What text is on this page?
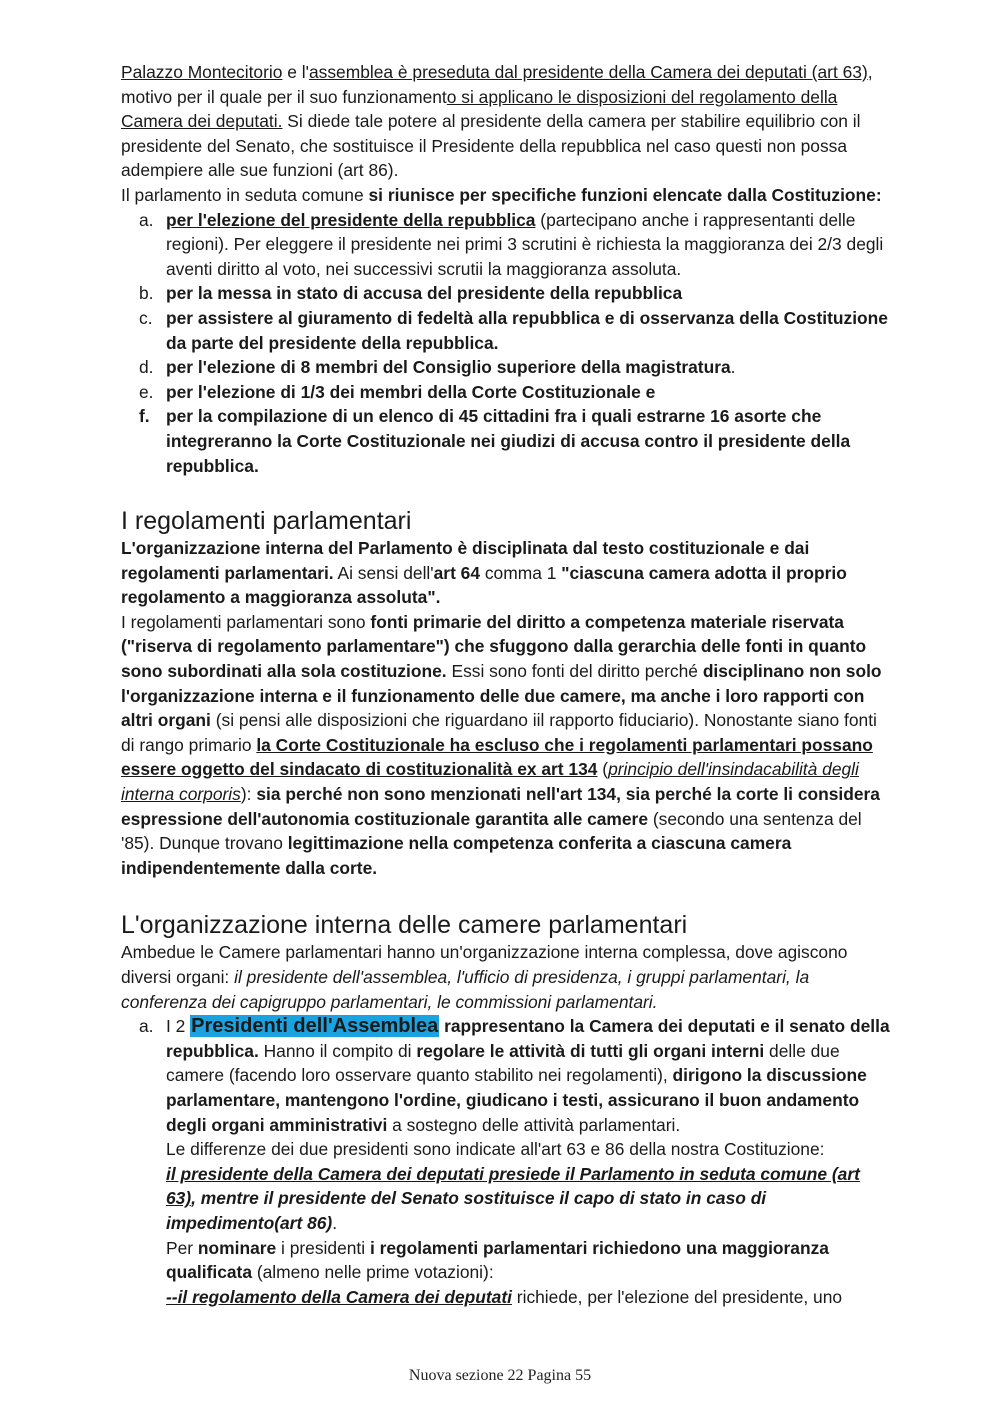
Palazzo Montecitorio e l'assemblea è preseduta dal presidente della Camera dei deputati (art 63), motivo per il quale per il suo funzionamento si applicano le disposizioni del regolamento della Camera dei deputati. Si diede tale potere al presidente della camera per stabilire equilibrio con il presidente del Senato, che sostituisce il Presidente della repubblica nel caso questi non possa adempiere alle sue funzioni (art 86).

Il parlamento in seduta comune si riunisce per specifiche funzioni elencate dalla Costituzione:

a. per l'elezione del presidente della repubblica (partecipano anche i rappresentanti delle regioni). Per eleggere il presidente nei primi 3 scrutini è richiesta la maggioranza dei 2/3 degli aventi diritto al voto, nei successivi scrutii la maggioranza assoluta.
b. per la messa in stato di accusa del presidente della repubblica
c. per assistere al giuramento di fedeltà alla repubblica e di osservanza della Costituzione da parte del presidente della repubblica.
d. per l'elezione di 8 membri del Consiglio superiore della magistratura.
e. per l'elezione di 1/3 dei membri della Corte Costituzionale e
f. per la compilazione di un elenco di 45 cittadini fra i quali estrarne 16 asorte che integreranno la Corte Costituzionale nei giudizi di accusa contro il presidente della repubblica.
I regolamenti parlamentari

L'organizzazione interna del Parlamento è disciplinata dal testo costituzionale e dai regolamenti parlamentari. Ai sensi dell'art 64 comma 1 "ciascuna camera adotta il proprio regolamento a maggioranza assoluta".

I regolamenti parlamentari sono fonti primarie del diritto a competenza materiale riservata ("riserva di regolamento parlamentare") che sfuggono dalla gerarchia delle fonti in quanto sono subordinati alla sola costituzione. Essi sono fonti del diritto perché disciplinano non solo l'organizzazione interna e il funzionamento delle due camere, ma anche i loro rapporti con altri organi (si pensi alle disposizioni che riguardano iil rapporto fiduciario). Nonostante siano fonti di rango primario la Corte Costituzionale ha escluso che i regolamenti parlamentari possano essere oggetto del sindacato di costituzionalità ex art 134 (principio dell'insindacabilità degli interna corporis): sia perché non sono menzionati nell'art 134, sia perché la corte li considera espressione dell'autonomia costituzionale garantita alle camere (secondo una sentenza del '85). Dunque trovano legittimazione nella competenza conferita a ciascuna camera indipendentemente dalla corte.

L'organizzazione interna delle camere parlamentari

Ambedue le Camere parlamentari hanno un'organizzazione interna complessa, dove agiscono diversi organi: il presidente dell'assemblea, l'ufficio di presidenza, i gruppi parlamentari, la conferenza dei capigruppo parlamentari, le commissioni parlamentari.

a. I 2 Presidenti dell'Assemblea rappresentano la Camera dei deputati e il senato della repubblica. Hanno il compito di regolare le attività di tutti gli organi interni delle due camere (facendo loro osservare quanto stabilito nei regolamenti), dirigono la discussione parlamentare, mantengono l'ordine, giudicano i testi, assicurano il buon andamento degli organi amministrativi a sostegno delle attività parlamentari.
Le differenze dei due presidenti sono indicate all'art 63 e 86 della nostra Costituzione:
il presidente della Camera dei deputati presiede il Parlamento in seduta comune (art 63), mentre il presidente del Senato sostituisce il capo di stato in caso di impedimento(art 86).
Per nominare i presidenti i regolamenti parlamentari richiedono una maggioranza qualificata (almeno nelle prime votazioni):
--il regolamento della Camera dei deputati richiede, per l'elezione del presidente, uno
Nuova sezione 22 Pagina 55
